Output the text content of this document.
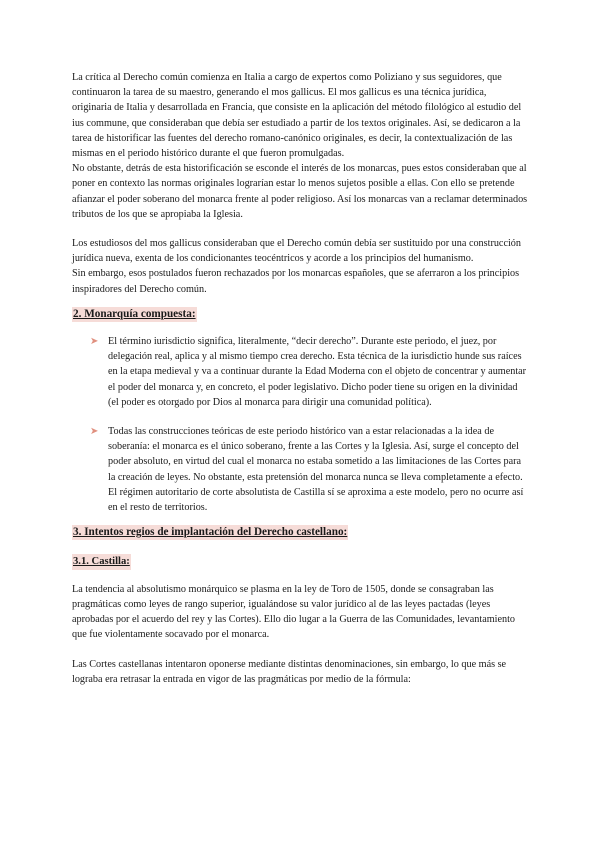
La crítica al Derecho común comienza en Italia a cargo de expertos como Poliziano y sus seguidores, que continuaron la tarea de su maestro, generando el mos gallicus. El mos gallicus es una técnica jurídica, originaria de Italia y desarrollada en Francia, que consiste en la aplicación del método filológico al estudio del ius commune, que consideraban que debía ser estudiado a partir de los textos originales. Así, se dedicaron a la tarea de historificar las fuentes del derecho romano-canónico originales, es decir, la contextualización de las mismas en el periodo histórico durante el que fueron promulgadas.

No obstante, detrás de esta historificación se esconde el interés de los monarcas, pues estos consideraban que al poner en contexto las normas originales lograrían estar lo menos sujetos posible a ellas. Con ello se pretende afianzar el poder soberano del monarca frente al poder religioso. Así los monarcas van a reclamar determinados tributos de los que se apropiaba la Iglesia.

Los estudiosos del mos gallicus consideraban que el Derecho común debía ser sustituido por una construcción jurídica nueva, exenta de los condicionantes teocéntricos y acorde a los principios del humanismo.

Sin embargo, esos postulados fueron rechazados por los monarcas españoles, que se aferraron a los principios inspiradores del Derecho común.

2. Monarquía compuesta:
➤ El término iurisdictio significa, literalmente, “decir derecho”. Durante este periodo, el juez, por delegación real, aplica y al mismo tiempo crea derecho. Esta técnica de la iurisdictio hunde sus raíces en la etapa medieval y va a continuar durante la Edad Moderna con el objeto de concentrar y aumentar el poder del monarca y, en concreto, el poder legislativo. Dicho poder tiene su origen en la divinidad (el poder es otorgado por Dios al monarca para dirigir una comunidad política).

➤ Todas las construcciones teóricas de este periodo histórico van a estar relacionadas a la idea de soberanía: el monarca es el único soberano, frente a las Cortes y la Iglesia. Así, surge el concepto del poder absoluto, en virtud del cual el monarca no estaba sometido a las limitaciones de las Cortes para la creación de leyes. No obstante, esta pretensión del monarca nunca se lleva completamente a efecto.

El régimen autoritario de corte absolutista de Castilla sí se aproxima a este modelo, pero no ocurre así en el resto de territorios.

3. Intentos regios de implantación del Derecho castellano:
3.1. Castilla:

La tendencia al absolutismo monárquico se plasma en la ley de Toro de 1505, donde se consagraban las pragmáticas como leyes de rango superior, igualándose su valor jurídico al de las leyes pactadas (leyes aprobadas por el acuerdo del rey y las Cortes). Ello dio lugar a la Guerra de las Comunidades, levantamiento que fue violentamente socavado por el monarca.

Las Cortes castellanas intentaron oponerse mediante distintas denominaciones, sin embargo, lo que más se lograba era retrasar la entrada en vigor de las pragmáticas por medio de la fórmula:
